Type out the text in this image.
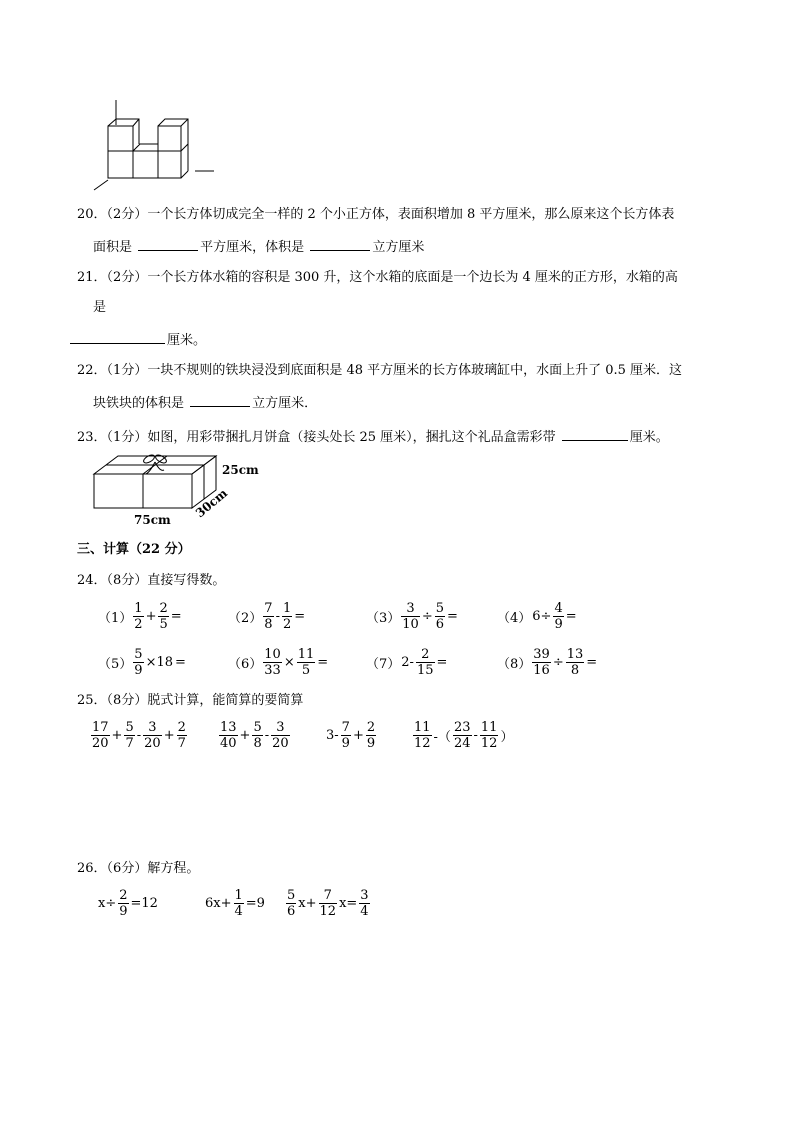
20．（2分）一个长方体切成完全一样的 2 个小正方体，表面积增加 8 平方厘米，那么原来这个长方体表
面积是	平方厘米，体积是	立方厘米
21．（2分）一个长方体水箱的容积是 300 升，这个水箱的底面是一个边长为 4 厘米的正方形，水箱的高
是
厘米。
22．（1分）一块不规则的铁块浸没到底面积是 48 平方厘米的长方体玻璃缸中，水面上升了 0.5 厘米．这
块铁块的体积是	立方厘米．
23．（1分）如图，用彩带捆扎月饼盒（接头处长 25 厘米），捆扎这个礼品盒需彩带	厘米。
25cm
75cm 30cm
三、计算（22 分）
24．（8分）直接写得数。
$(1) \frac{1}{2} + \frac{2}{5}$ =	$(2) \frac{7}{8} - \frac{1}{2}$ =	$(3) \frac{3}{10} \div \frac{5}{6}$ =	（4） $6\div \frac{4}{9}$ =
$(5) \frac{5}{9} \times 18$ =	$(6) \frac{10}{33} \times \frac{11}{5}$ =	（7） $2- \frac{2}{15}$ =	$(8) \frac{39}{16} \div \frac{13}{8}$ =
25．（8分）脱式计算，能简算的要简算
$\frac{17}{20} + \frac{5}{7} - \frac{3}{20} + \frac{2}{7} \frac{13}{40} + \frac{5}{8} - \frac{3}{20}$	$3- \frac{7}{9} + \frac{2}{9}$	$\frac{11}{12}$ -（ $\frac{23}{24} - \frac{11}{12}$ ）
26．（6分）解方程。
$x\div \frac{2}{9} =12$	$6x+ \frac{1}{4} =9 \frac{5}{6} x+ \frac{7}{12} x= \frac{3}{4}$
